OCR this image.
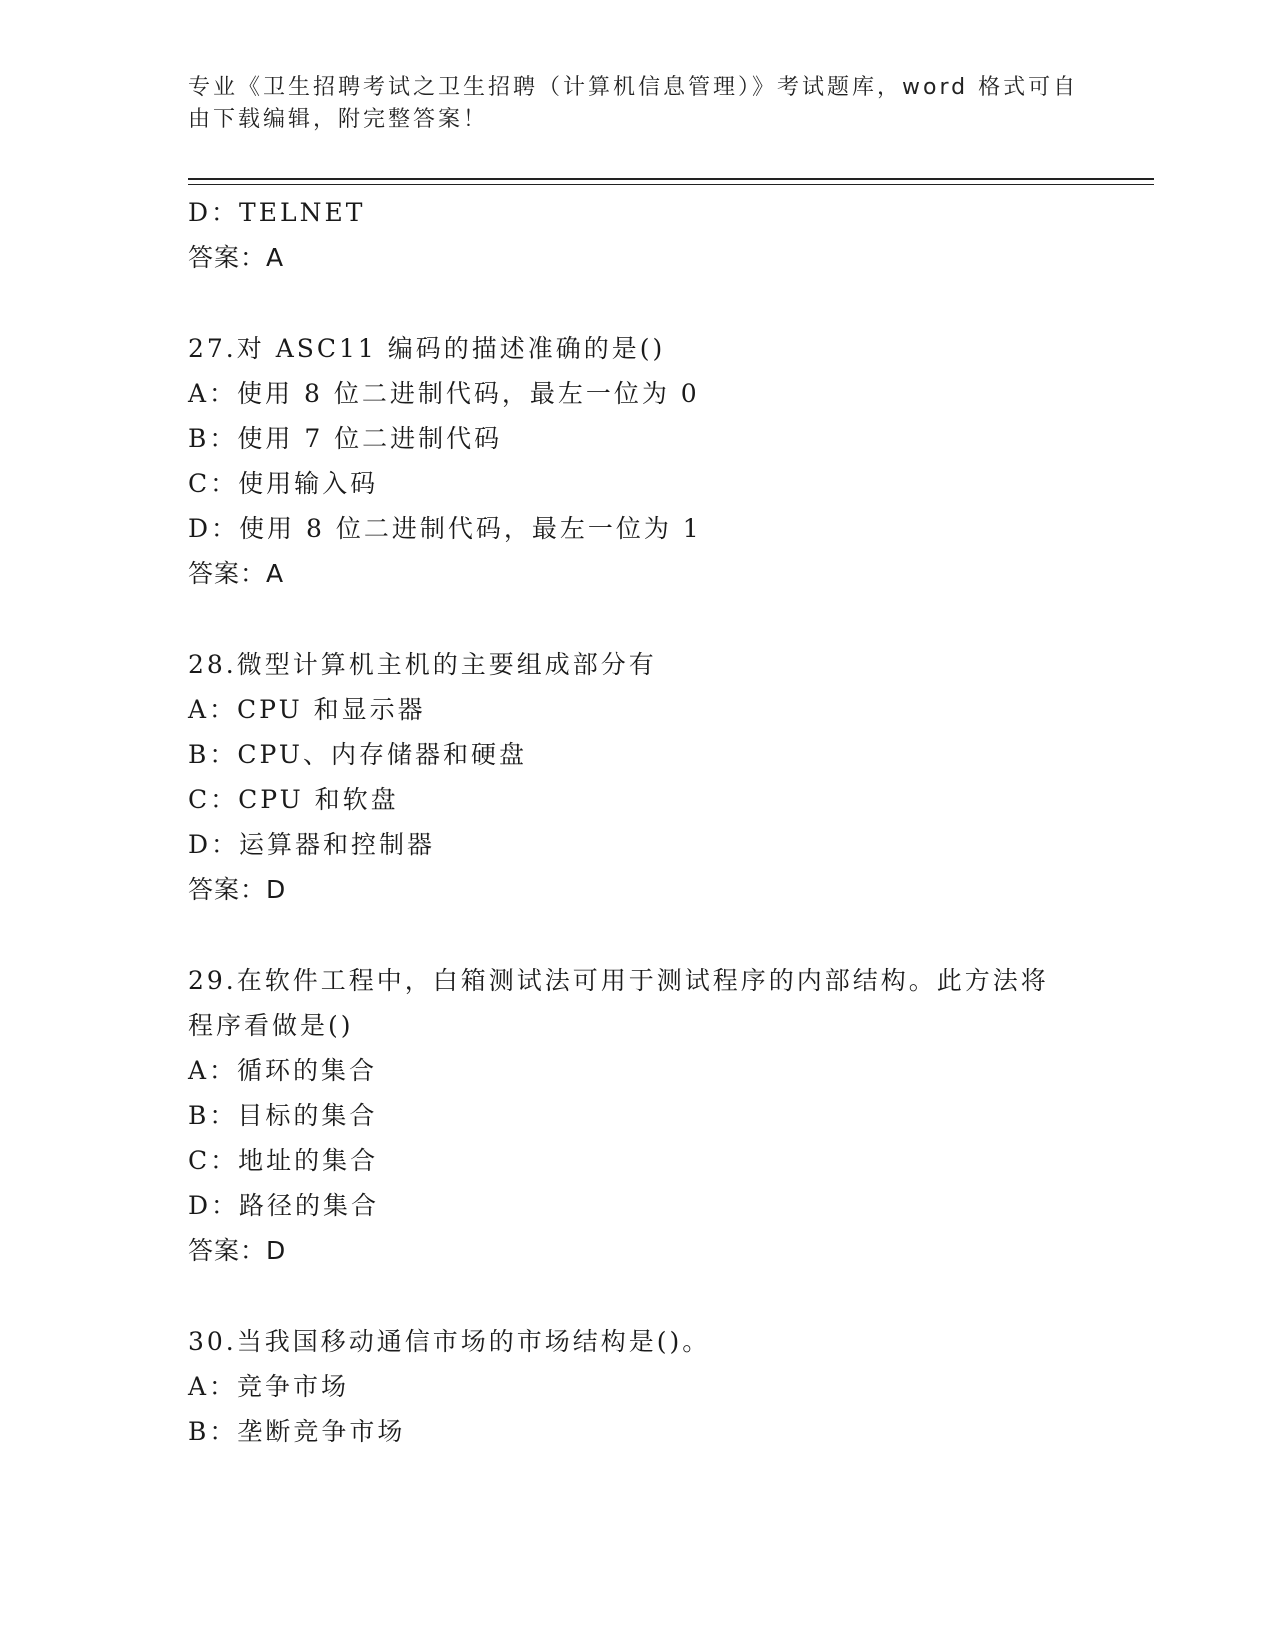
专业《卫生招聘考试之卫生招聘（计算机信息管理）》考试题库，word 格式可自
由下载编辑，附完整答案！
D：TELNET
答案：A
27.对 ASC11 编码的描述准确的是()
A：使用 8 位二进制代码，最左一位为 0
B：使用 7 位二进制代码
C：使用输入码
D：使用 8 位二进制代码，最左一位为 1
答案：A
28.微型计算机主机的主要组成部分有
A：CPU 和显示器
B：CPU、内存储器和硬盘
C：CPU 和软盘
D：运算器和控制器
答案：D
29.在软件工程中，白箱测试法可用于测试程序的内部结构。此方法将
程序看做是()
A：循环的集合
B：目标的集合
C：地址的集合
D：路径的集合
答案：D
30.当我国移动通信市场的市场结构是()。
A：竞争市场
B：垄断竞争市场
